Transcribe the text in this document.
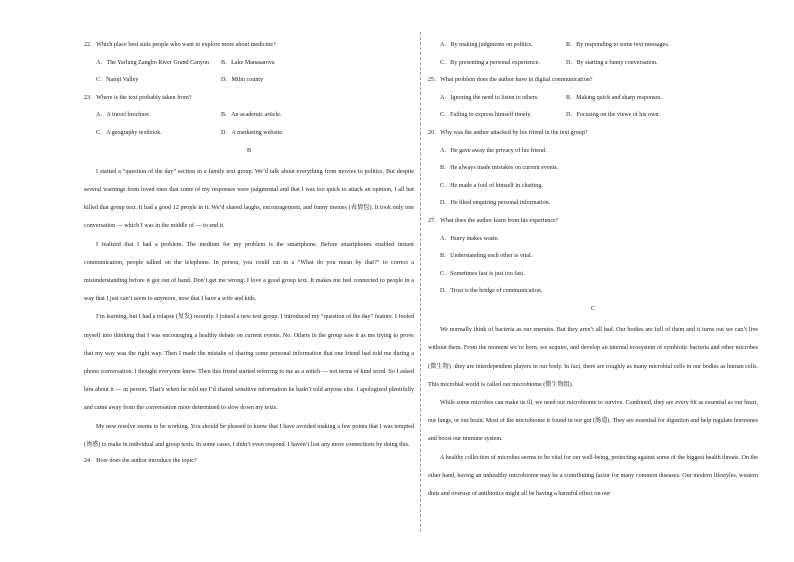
22．Which place best suits people who want to explore more about medicine?
A．The Yarlung Zangbo River Grand Canyon	B．Lake Manasarova
C．Namji Valley	D．Milin county
23．Where is the text probably taken from?
A．A travel brochure.	B．An academic article.
C．A geography textbook.	D．A marketing website.
B

I started a “question of the day” section in a family text group. We’d talk about everything from movies to politics. But despite several warnings from loved ones that some of my responses were judgmental and that I was too quick to attack an opinion, I all but killed that group text. It had a good 12 people in it. We’d shared laughs, encouragement, and funny memes (表情包). It took only one conversation — which I was in the middle of — to end it.

I realized that I had a problem. The medium for my problem is the smartphone. Before smartphones enabled instant communication, people talked on the telephone. In person, you could cut in a “What do you mean by that?” to correct a misunderstanding before it got out of hand. Don’t get me wrong: I love a good group text. It makes me feel connected to people in a way that I just can’t seem to anymore, now that I have a wife and kids.

I’m learning, but I had a relapse (复发) recently. I joined a new text group. I introduced my “question of the day” feature. I fooled myself into thinking that I was encouraging a healthy debate on current events. No. Others in the group saw it as me trying to prove that my way was the right way. Then I made the mistake of sharing some personal information that one friend had told me during a phone conversation. I thought everyone knew. Then this friend started referring to me as a snitch — not terms of kind word. So I asked him about it — in person. That’s when he told me I’d shared sensitive information he hadn’t told anyone else. I apologized plentifully and came away from the conversation more determined to slow down my texts.

My new resolve seems to be working. You should be pleased to know that I have avoided making a few points that I was tempted (诱惑) to make in individual and group texts. In some cases, I didn’t even respond. I haven’t lost any more connections by doing this.

24．How does the author introduce the topic?
A．By making judgments on politics.	B．By responding to some text messages.
C．By presenting a personal experience.	D．By starting a funny conversation.
25．What problem does the author have in digital communication?
A．Ignoring the need to listen to others.	B．Making quick and sharp responses.
C．Failing to express himself timely.	D．Focusing on the views of his own.
26．Why was the author attacked by his friend in the text group?
A．He gave away the privacy of his friend.
B．He always made mistakes on current events.
C．He made a fool of himself in chatting.
D．He liked enquiring personal information.
27．What does the author learn from his experience?
A．Hurry makes waste.
B．Understanding each other is vital.
C．Sometimes fast is just too fast.
D．Trust is the bridge of communication.
C

We normally think of bacteria as our enemies. But they aren’t all bad. Our bodies are full of them and it turns out we can’t live without them. From the moment we’re born, we acquire, and develop an internal ecosystem of symbiotic bacteria and other microbes (微生物) ·they are interdependent players in our body. In fact, there are roughly as many microbial cells in our bodies as human cells. This microbial world is called our microbiome (微生物组).

While some microbes can make us ill, we need our microbiome to survive. Combined, they are every bit as essential as our heart, our lungs, or our brain. Most of the microbiome is found in our gut (肠道). They are essential for digestion and help regulate hormones and boost our immune system.

A healthy collection of microbes seems to be vital for our well-being, protecting against some of the biggest health threats. On the other hand, having an unhealthy microbiome may be a contributing factor for many common diseases. Our modern lifestyles, western diets and overuse of antibiotics might all be having a harmful effect on our
